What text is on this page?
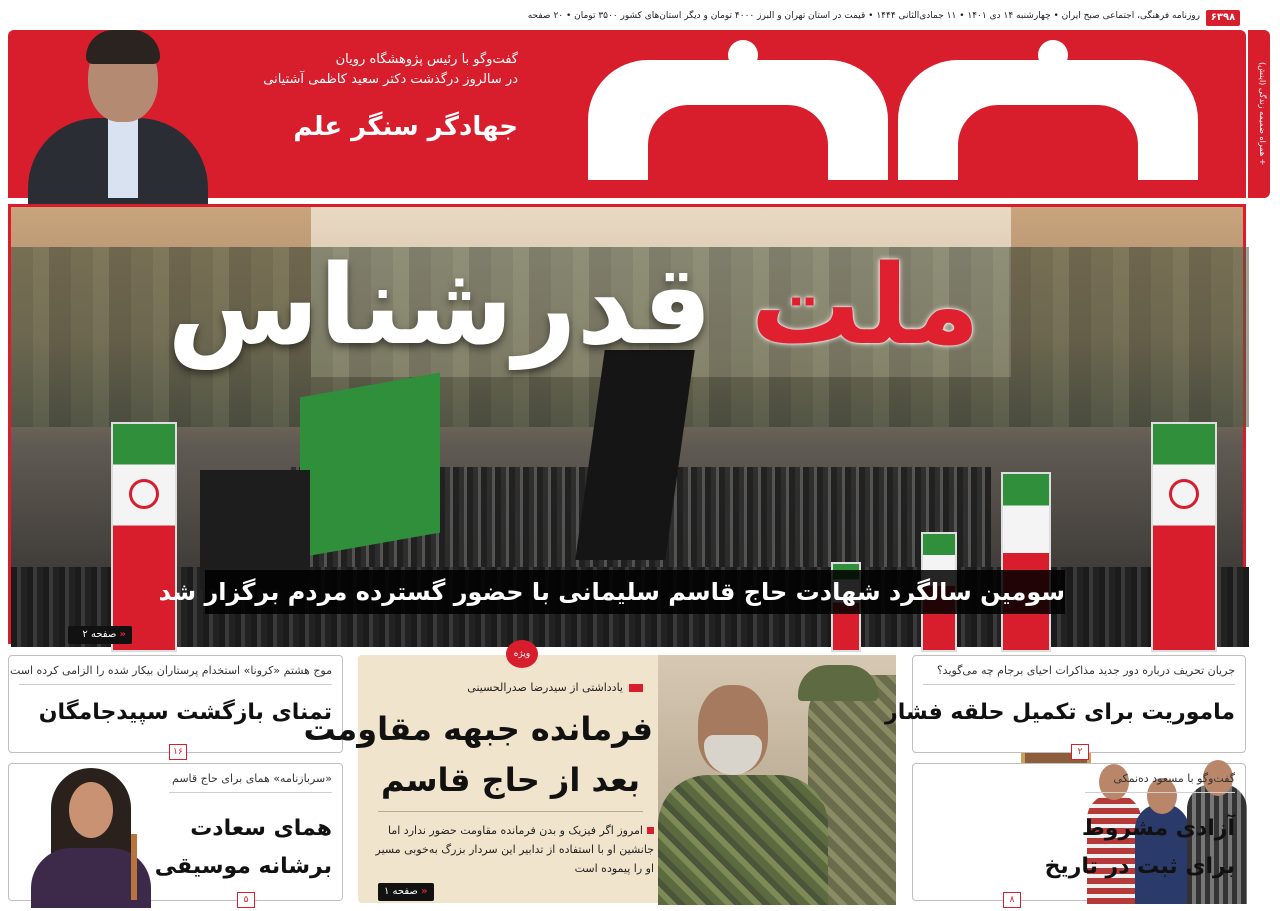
۶۳۹۸
روزنامه فرهنگی، اجتماعی صبح ایران • چهارشنبه ۱۴ دی ۱۴۰۱ • ۱۱ جمادی‌الثانی ۱۴۴۴ • قیمت در استان تهران و البرز ۴۰۰۰ تومان و دیگر استان‌های کشور ۳۵۰۰ تومان • ۲۰ صفحه
گفت‌وگو با رئیس پژوهشگاه رویان
در سالروز درگذشت دکتر سعید کاظمی آشتیانی
جهادگر سنگر علم	+ همراه ضمیمه زندگی (اینش)
ملت قدرشناس
سومین سالگرد شهادت حاج قاسم سلیمانی با حضور گسترده مردم برگزار شد
« صفحه ۲
موج هشتم «کرونا» استخدام پرستاران بیکار شده را الزامی کرده است
تمنای بازگشت سپیدجامگان
۱۶
«سربازنامه» همای برای حاج قاسم
همای سعادت
برشانه موسیقی
۵
ویژه
یادداشتی از سیدرضا صدرالحسینی
فرمانده جبهه مقاومت
بعد از حاج قاسم
امروز اگر فیزیک و بدن فرمانده مقاومت حضور ندارد اما جانشین او با استفاده از تدابیر این سردار بزرگ به‌خوبی مسیر او را پیموده است
« صفحه ۱
جریان تحریف درباره دور جدید مذاکرات احیای برجام چه می‌گوید؟
ماموریت برای تکمیل حلقه فشار
۲
گفت‌وگو با مسعود ده‌نمکی
آزادی مشروط
برای ثبت در تاریخ
۸
